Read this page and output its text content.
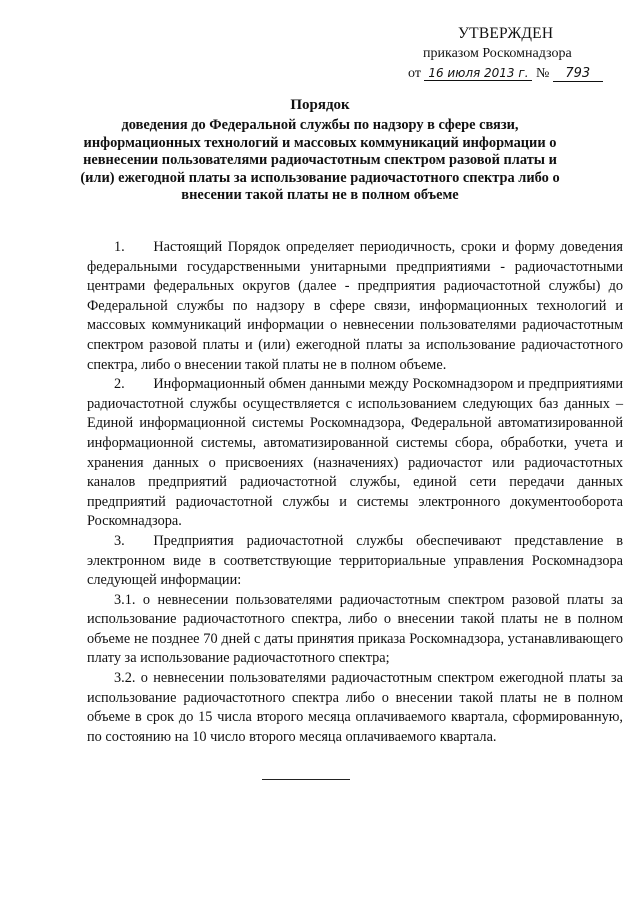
УТВЕРЖДЕН
приказом Роскомнадзора
от 16 июля 2013 г. № 793
Порядок
доведения до Федеральной службы по надзору в сфере связи, информационных технологий и массовых коммуникаций информации о невнесении пользователями радиочастотным спектром разовой платы и (или) ежегодной платы за использование радиочастотного спектра либо о внесении такой платы не в полном объеме

1.  Настоящий Порядок определяет периодичность, сроки и форму доведения федеральными государственными унитарными предприятиями - радиочастотными центрами федеральных округов (далее - предприятия радиочастотной службы) до Федеральной службы по надзору в сфере связи, информационных технологий и массовых коммуникаций информации о невнесении пользователями радиочастотным спектром разовой платы и (или) ежегодной платы за использование радиочастотного спектра, либо о внесении такой платы не в полном объеме.

2.  Информационный обмен данными между Роскомнадзором и предприятиями радиочастотной службы осуществляется с использованием следующих баз данных – Единой информационной системы Роскомнадзора, Федеральной автоматизированной информационной системы, автоматизированной системы сбора, обработки, учета и хранения данных о присвоениях (назначениях) радиочастот или радиочастотных каналов предприятий радиочастотной службы, единой сети передачи данных предприятий радиочастотной службы и системы электронного документооборота Роскомнадзора.

3.  Предприятия радиочастотной службы обеспечивают представление в электронном виде в соответствующие территориальные управления Роскомнадзора следующей информации:

3.1. о невнесении пользователями радиочастотным спектром разовой платы за использование радиочастотного спектра, либо о внесении такой платы не в полном объеме не позднее 70 дней с даты принятия приказа Роскомнадзора, устанавливающего плату за использование радиочастотного спектра;

3.2. о невнесении пользователями радиочастотным спектром ежегодной платы за использование радиочастотного спектра либо о внесении такой платы не в полном объеме в срок до 15 числа второго месяца оплачиваемого квартала, сформированную, по состоянию на 10 число второго месяца оплачиваемого квартала.
